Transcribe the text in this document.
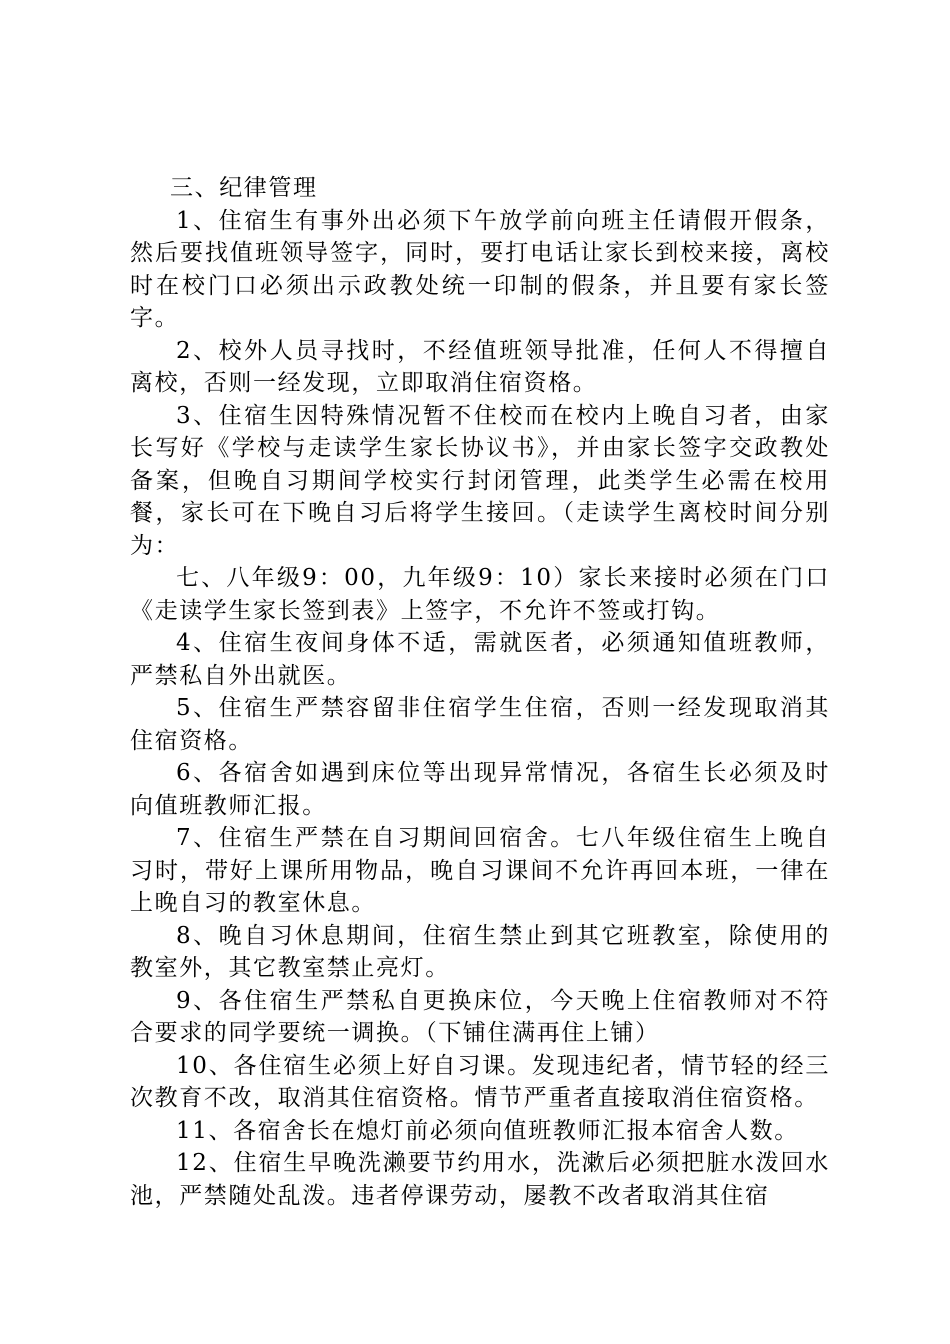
三、纪律管理

1、住宿生有事外出必须下午放学前向班主任请假开假条，然后要找值班领导签字，同时，要打电话让家长到校来接，离校时在校门口必须出示政教处统一印制的假条，并且要有家长签字。

2、校外人员寻找时，不经值班领导批准，任何人不得擅自离校，否则一经发现，立即取消住宿资格。

3、住宿生因特殊情况暂不住校而在校内上晚自习者，由家长写好《学校与走读学生家长协议书》，并由家长签字交政教处备案，但晚自习期间学校实行封闭管理，此类学生必需在校用餐，家长可在下晚自习后将学生接回。（走读学生离校时间分别为：

七、八年级9：00，九年级9：10）家长来接时必须在门口《走读学生家长签到表》上签字，不允许不签或打钩。

4、住宿生夜间身体不适，需就医者，必须通知值班教师，严禁私自外出就医。

5、住宿生严禁容留非住宿学生住宿，否则一经发现取消其住宿资格。

6、各宿舍如遇到床位等出现异常情况，各宿生长必须及时向值班教师汇报。

7、住宿生严禁在自习期间回宿舍。七八年级住宿生上晚自习时，带好上课所用物品，晚自习课间不允许再回本班，一律在上晚自习的教室休息。

8、晚自习休息期间，住宿生禁止到其它班教室，除使用的教室外，其它教室禁止亮灯。

9、各住宿生严禁私自更换床位，今天晚上住宿教师对不符合要求的同学要统一调换。（下铺住满再住上铺）

10、各住宿生必须上好自习课。发现违纪者，情节轻的经三次教育不改，取消其住宿资格。情节严重者直接取消住宿资格。

11、各宿舍长在熄灯前必须向值班教师汇报本宿舍人数。

12、住宿生早晚洗濑要节约用水，洗漱后必须把脏水泼回水池，严禁随处乱泼。违者停课劳动，屡教不改者取消其住宿
